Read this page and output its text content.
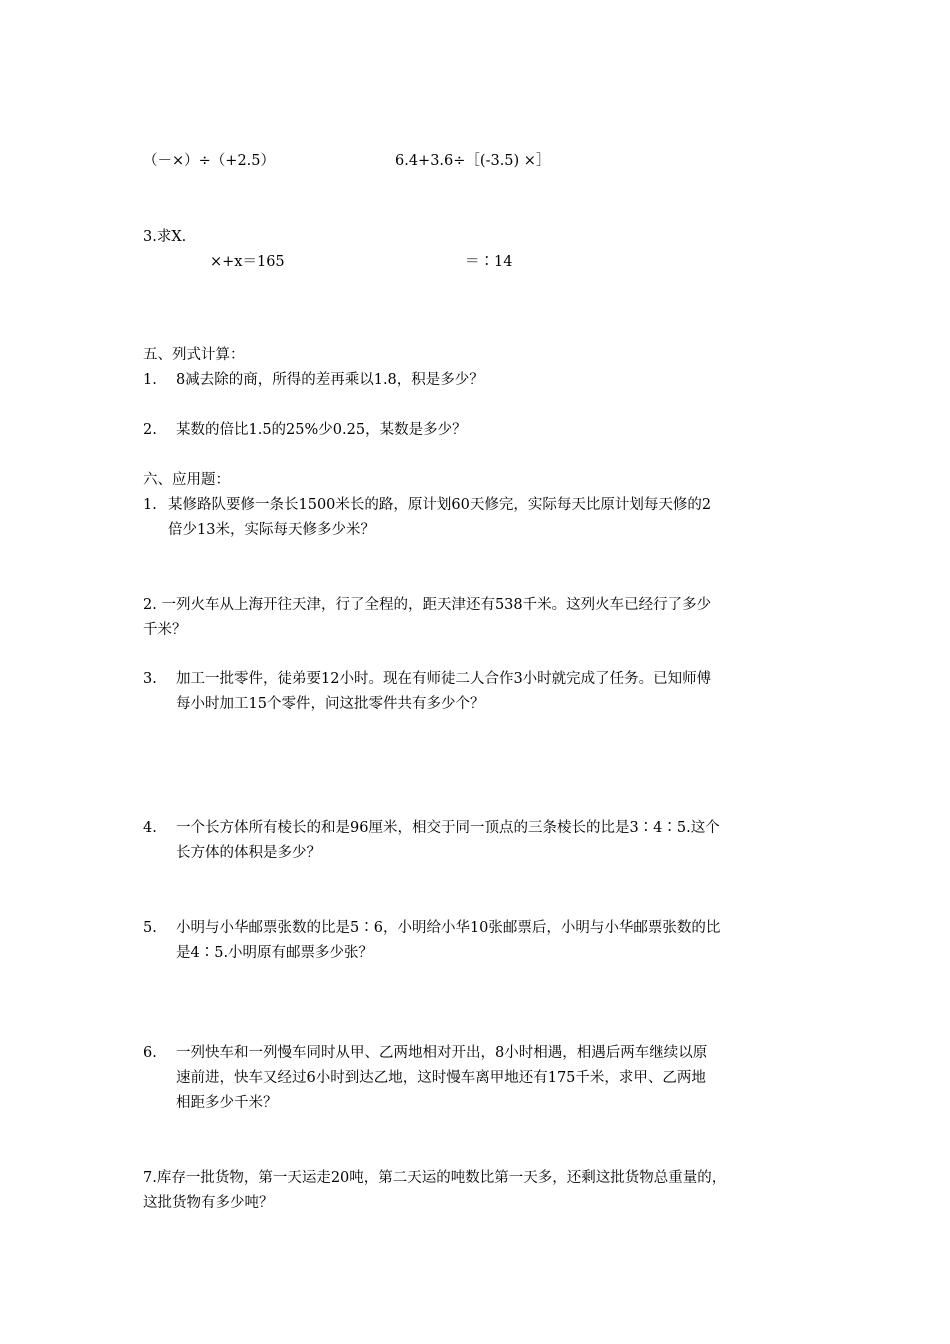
（－×）÷（+2.5）	6.4+3.6÷［(-3.5) ×］
3.求X.
×+x＝165	＝∶14
五、列式计算：
1. 8减去除的商，所得的差再乘以1.8，积是多少？
2. 某数的倍比1.5的25%少0.25，某数是多少？
六、应用题：
1. 某修路队要修一条长1500米长的路，原计划60天修完，实际每天比原计划每天修的2
倍少13米，实际每天修多少米？
2. 一列火车从上海开往天津，行了全程的，距天津还有538千米。这列火车已经行了多少
千米？
3. 加工一批零件，徒弟要12小时。现在有师徒二人合作3小时就完成了任务。已知师傅
每小时加工15个零件，问这批零件共有多少个？
4. 一个长方体所有棱长的和是96厘米，相交于同一顶点的三条棱长的比是3∶4∶5.这个
长方体的体积是多少？
5. 小明与小华邮票张数的比是5∶6，小明给小华10张邮票后，小明与小华邮票张数的比
是4∶5.小明原有邮票多少张？
6. 一列快车和一列慢车同时从甲、乙两地相对开出，8小时相遇，相遇后两车继续以原
速前进，快车又经过6小时到达乙地，这时慢车离甲地还有175千米，求甲、乙两地
相距多少千米？
7.库存一批货物，第一天运走20吨，第二天运的吨数比第一天多，还剩这批货物总重量的，
这批货物有多少吨？
